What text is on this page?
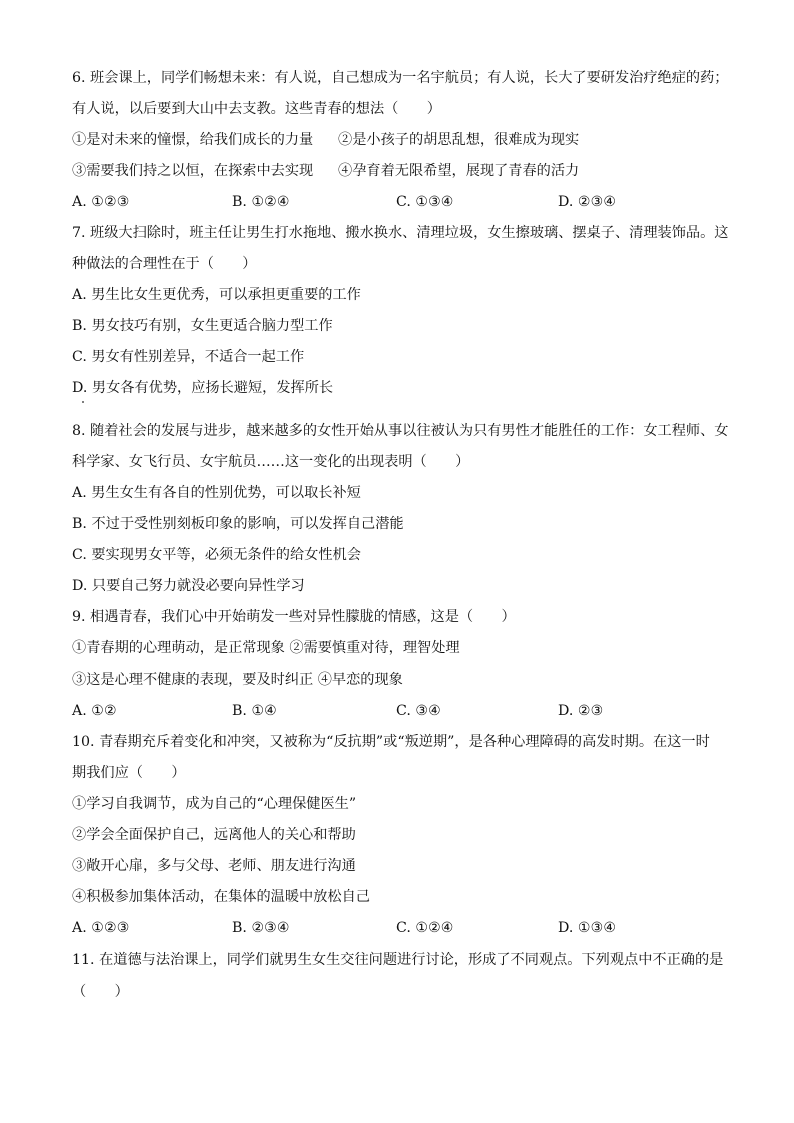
6. 班会课上，同学们畅想未来：有人说，自己想成为一名宇航员；有人说，长大了要研发治疗绝症的药；
有人说，以后要到大山中去支教。这些青春的想法（　　）
①是对未来的憧憬，给我们成长的力量 ②是小孩子的胡思乱想，很难成为现实
③需要我们持之以恒，在探索中去实现 ④孕育着无限希望，展现了青春的活力
A. ①②③	B. ①②④	C. ①③④	D. ②③④
7. 班级大扫除时，班主任让男生打水拖地、搬水换水、清理垃圾，女生擦玻璃、摆桌子、清理装饰品。这
种做法的合理性在于（　　）
A. 男生比女生更优秀，可以承担更重要的工作
B. 男女技巧有别，女生更适合脑力型工作
C. 男女有性别差异，不适合一起工作
D. 男女各有优势，应扬长避短，发挥所长
8. 随着社会的发展与进步，越来越多的女性开始从事以往被认为只有男性才能胜任的工作：女工程师、女
科学家、女飞行员、女宇航员……这一变化的出现表明（　　）
A. 男生女生有各自的性别优势，可以取长补短
B. 不过于受性别刻板印象的影响，可以发挥自己潜能
C. 要实现男女平等，必须无条件的给女性机会
D. 只要自己努力就没必要向异性学习
9. 相遇青春，我们心中开始萌发一些对异性朦胧的情感，这是（　　）
①青春期的心理萌动，是正常现象 ②需要慎重对待，理智处理
③这是心理不健康的表现，要及时纠正 ④早恋的现象
A. ①②	B. ①④	C. ③④	D. ②③
10. 青春期充斥着变化和冲突，又被称为“反抗期”或“叛逆期”，是各种心理障碍的高发时期。在这一时
期我们应（　　）
①学习自我调节，成为自己的“心理保健医生”
②学会全面保护自己，远离他人的关心和帮助
③敞开心扉，多与父母、老师、朋友进行沟通
④积极参加集体活动，在集体的温暖中放松自己
A. ①②③	B. ②③④	C. ①②④	D. ①③④
11. 在道德与法治课上，同学们就男生女生交往问题进行讨论，形成了不同观点。下列观点中不正确的是
（　　）
